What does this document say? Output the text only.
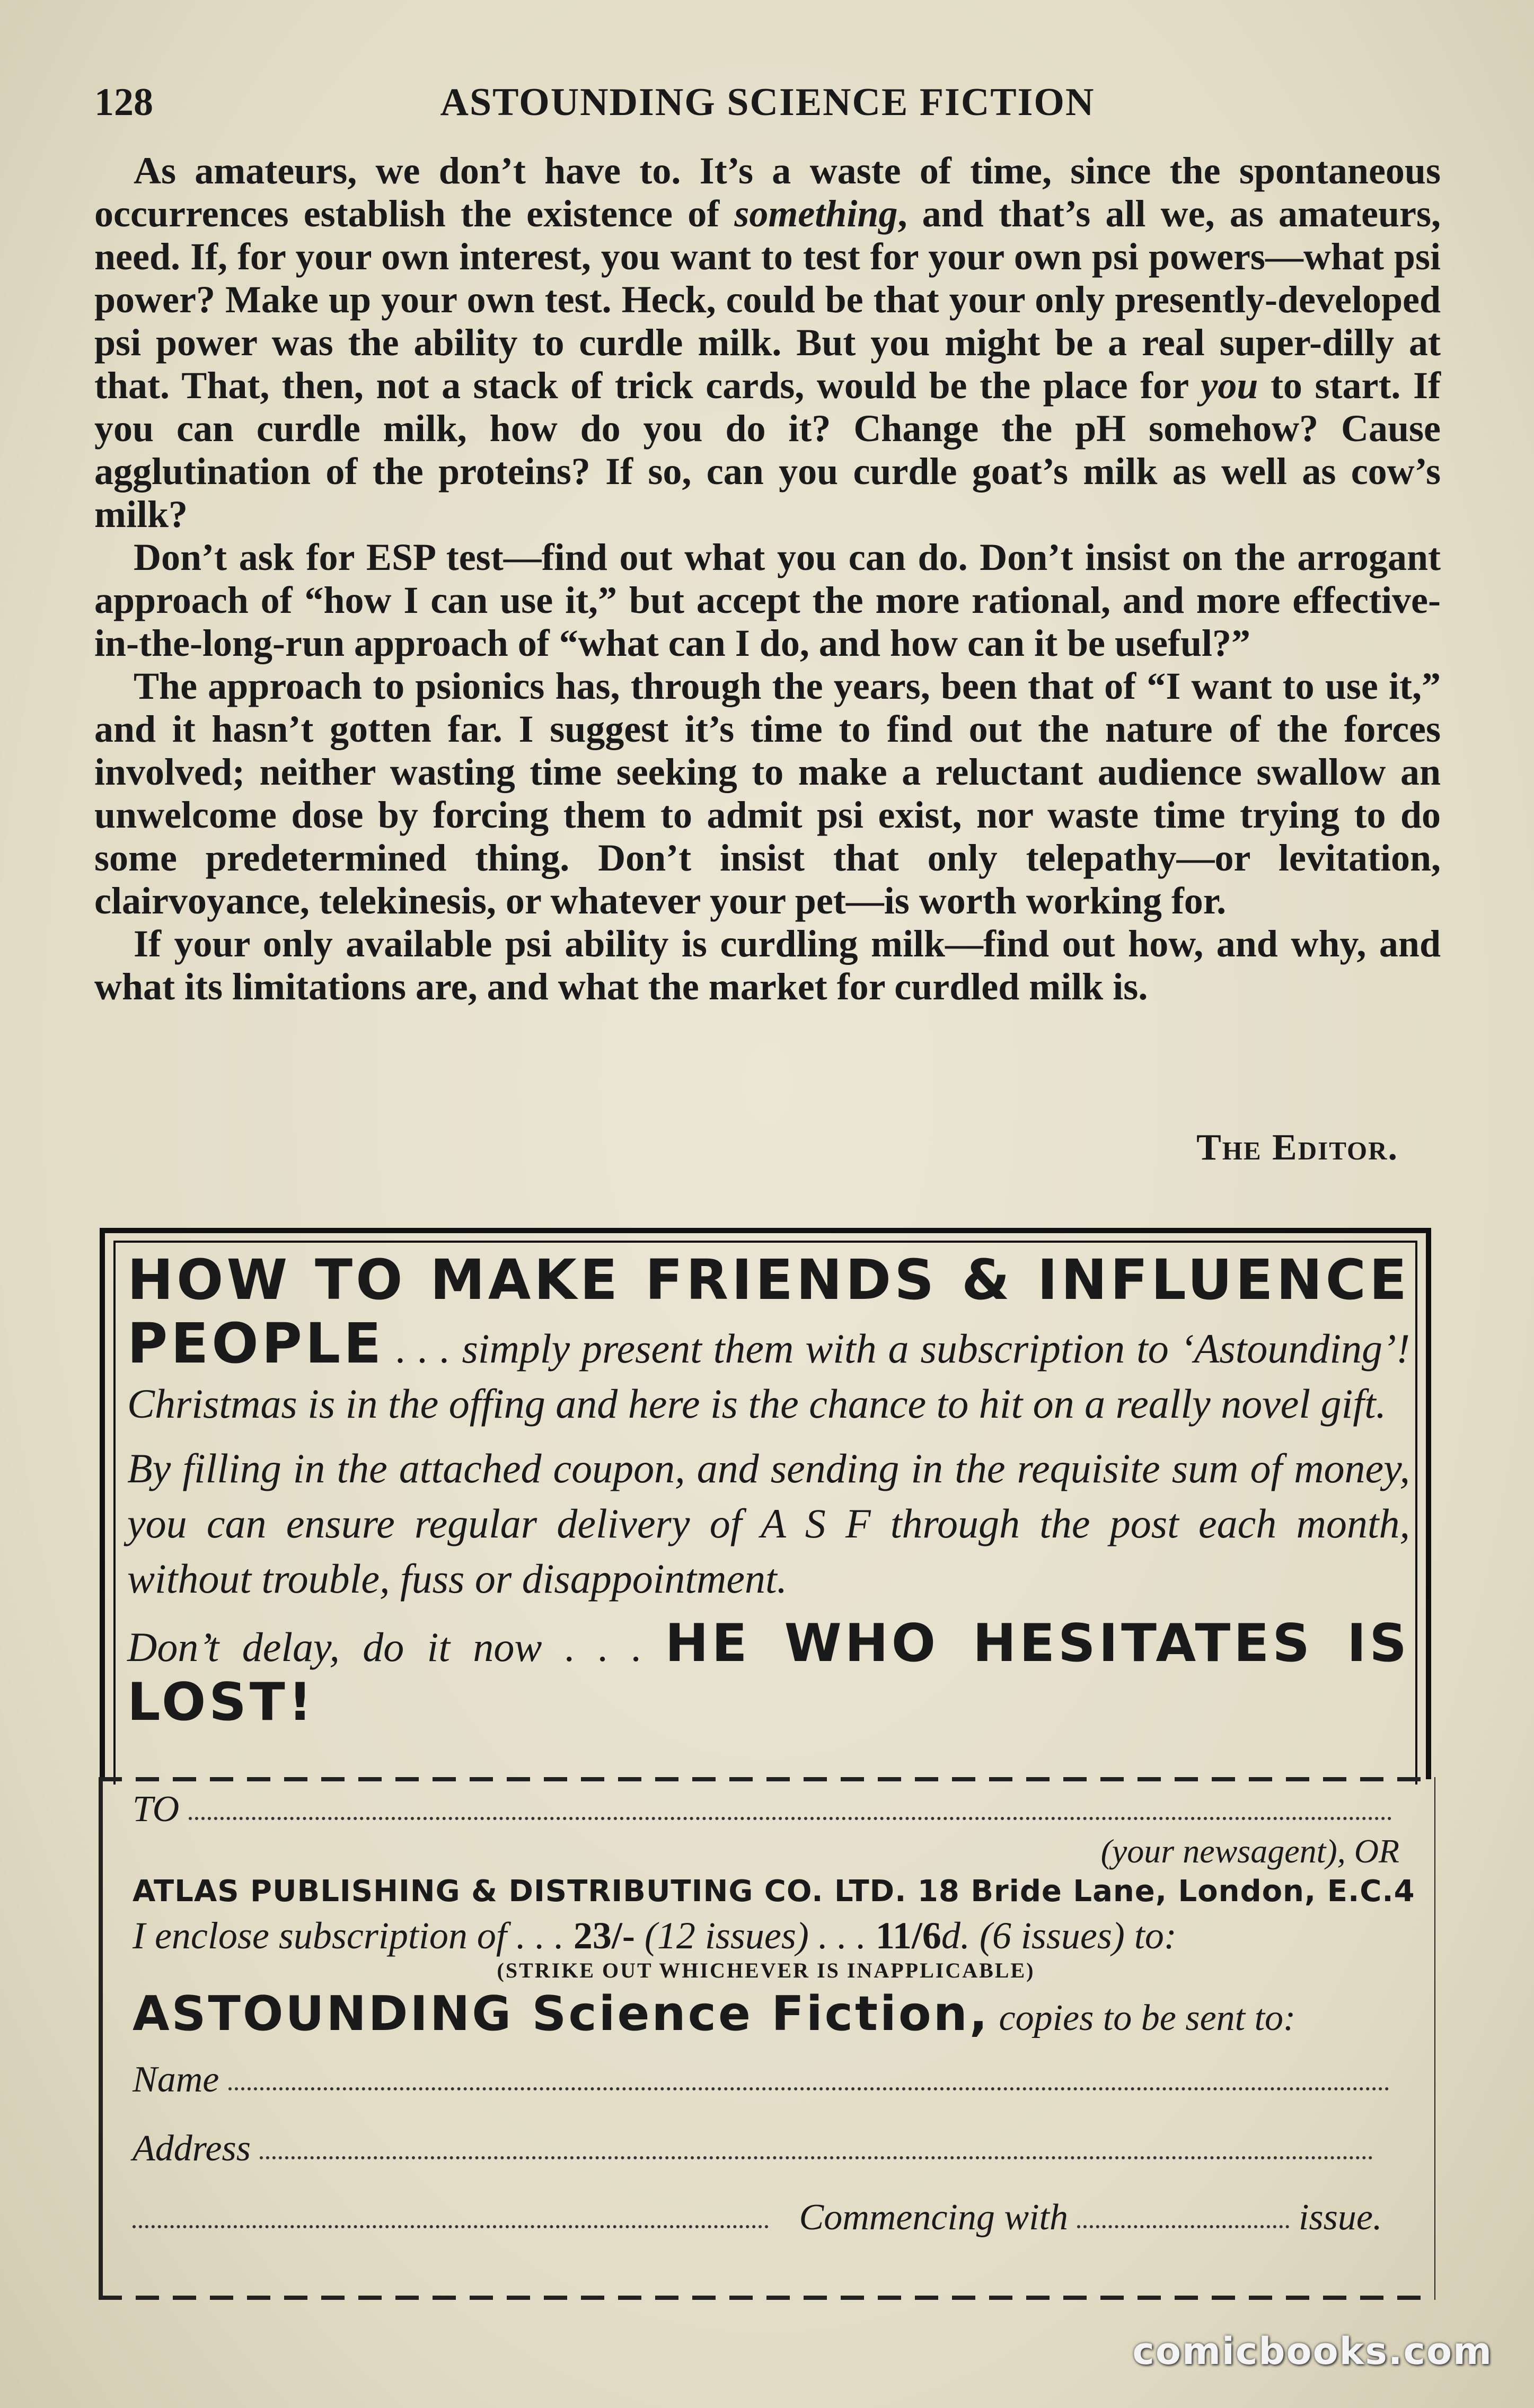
128	ASTOUNDING SCIENCE FICTION

As amateurs, we don’t have to. It’s a waste of time, since the spontaneous occurrences establish the existence of something, and that’s all we, as amateurs, need. If, for your own interest, you want to test for your own psi powers—what psi power? Make up your own test. Heck, could be that your only presently-developed psi power was the ability to curdle milk. But you might be a real super-dilly at that. That, then, not a stack of trick cards, would be the place for you to start. If you can curdle milk, how do you do it? Change the pH somehow? Cause agglutination of the proteins? If so, can you curdle goat’s milk as well as cow’s milk?

Don’t ask for ESP test—find out what you can do. Don’t insist on the arrogant approach of “how I can use it,” but accept the more rational, and more effective-in-the-long-run approach of “what can I do, and how can it be useful?”

The approach to psionics has, through the years, been that of “I want to use it,” and it hasn’t gotten far. I suggest it’s time to find out the nature of the forces involved; neither wasting time seeking to make a reluctant audience swallow an unwelcome dose by forcing them to admit psi exist, nor waste time trying to do some predetermined thing. Don’t insist that only telepathy—or levitation, clairvoyance, telekinesis, or whatever your pet—is worth working for.

If your only available psi ability is curdling milk—find out how, and why, and what its limitations are, and what the market for curdled milk is.

The Editor.
HOW TO MAKE FRIENDS & INFLUENCE PEOPLE . . . simply present them with a subscription to ‘Astounding’! Christmas is in the offing and here is the chance to hit on a really novel gift.
By filling in the attached coupon, and sending in the requisite sum of money, you can ensure regular delivery of A S F through the post each month, without trouble, fuss or disappointment.
Don’t delay, do it now . . . HE WHO HESITATES IS LOST!
TO
(your newsagent), OR
ATLAS PUBLISHING & DISTRIBUTING CO. LTD. 18 Bride Lane, London, E.C.4
I enclose subscription of . . . 23/- (12 issues) . . . 11/6d. (6 issues) to:
(STRIKE OUT WHICHEVER IS INAPPLICABLE)
ASTOUNDING Science Fiction, copies to be sent to:
Name
Address
Commencing with	issue.
comicbooks.com
